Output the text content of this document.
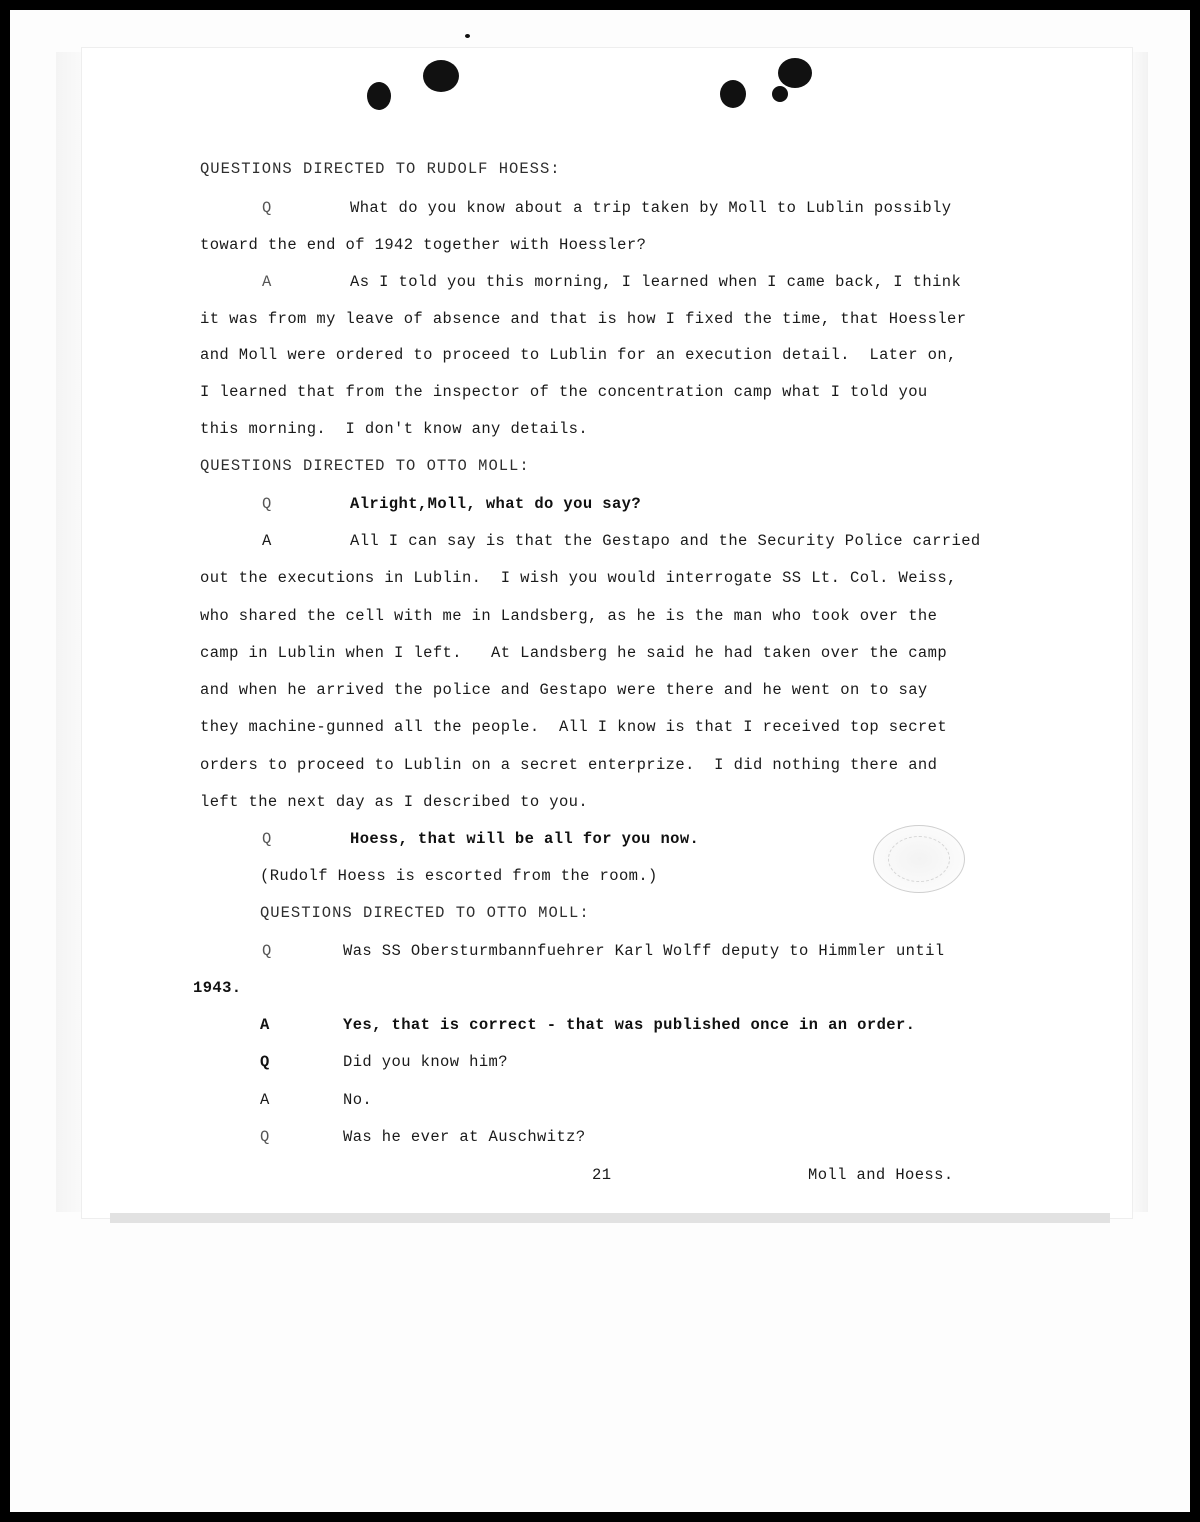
QUESTIONS DIRECTED TO RUDOLF HOESS:
Q	What do you know about a trip taken by Moll to Lublin possibly
toward the end of 1942 together with Hoessler?
A	As I told you this morning, I learned when I came back, I think
it was from my leave of absence and that is how I fixed the time, that Hoessler
and Moll were ordered to proceed to Lublin for an execution detail.  Later on,
I learned that from the inspector of the concentration camp what I told you
this morning.  I don't know any details.
QUESTIONS DIRECTED TO OTTO MOLL:
Q	Alright,Moll, what do you say?
A	All I can say is that the Gestapo and the Security Police carried
out the executions in Lublin.  I wish you would interrogate SS Lt. Col. Weiss,
who shared the cell with me in Landsberg, as he is the man who took over the
camp in Lublin when I left.   At Landsberg he said he had taken over the camp
and when he arrived the police and Gestapo were there and he went on to say
they machine-gunned all the people.  All I know is that I received top secret
orders to proceed to Lublin on a secret enterprize.  I did nothing there and
left the next day as I described to you.
Q	Hoess, that will be all for you now.
(Rudolf Hoess is escorted from the room.)
QUESTIONS DIRECTED TO OTTO MOLL:
Q	Was SS Obersturmbannfuehrer Karl Wolff deputy to Himmler until
1943.
A	Yes, that is correct - that was published once in an order.
Q	Did you know him?
A	No.
Q	Was he ever at Auschwitz?
21	Moll and Hoess.
